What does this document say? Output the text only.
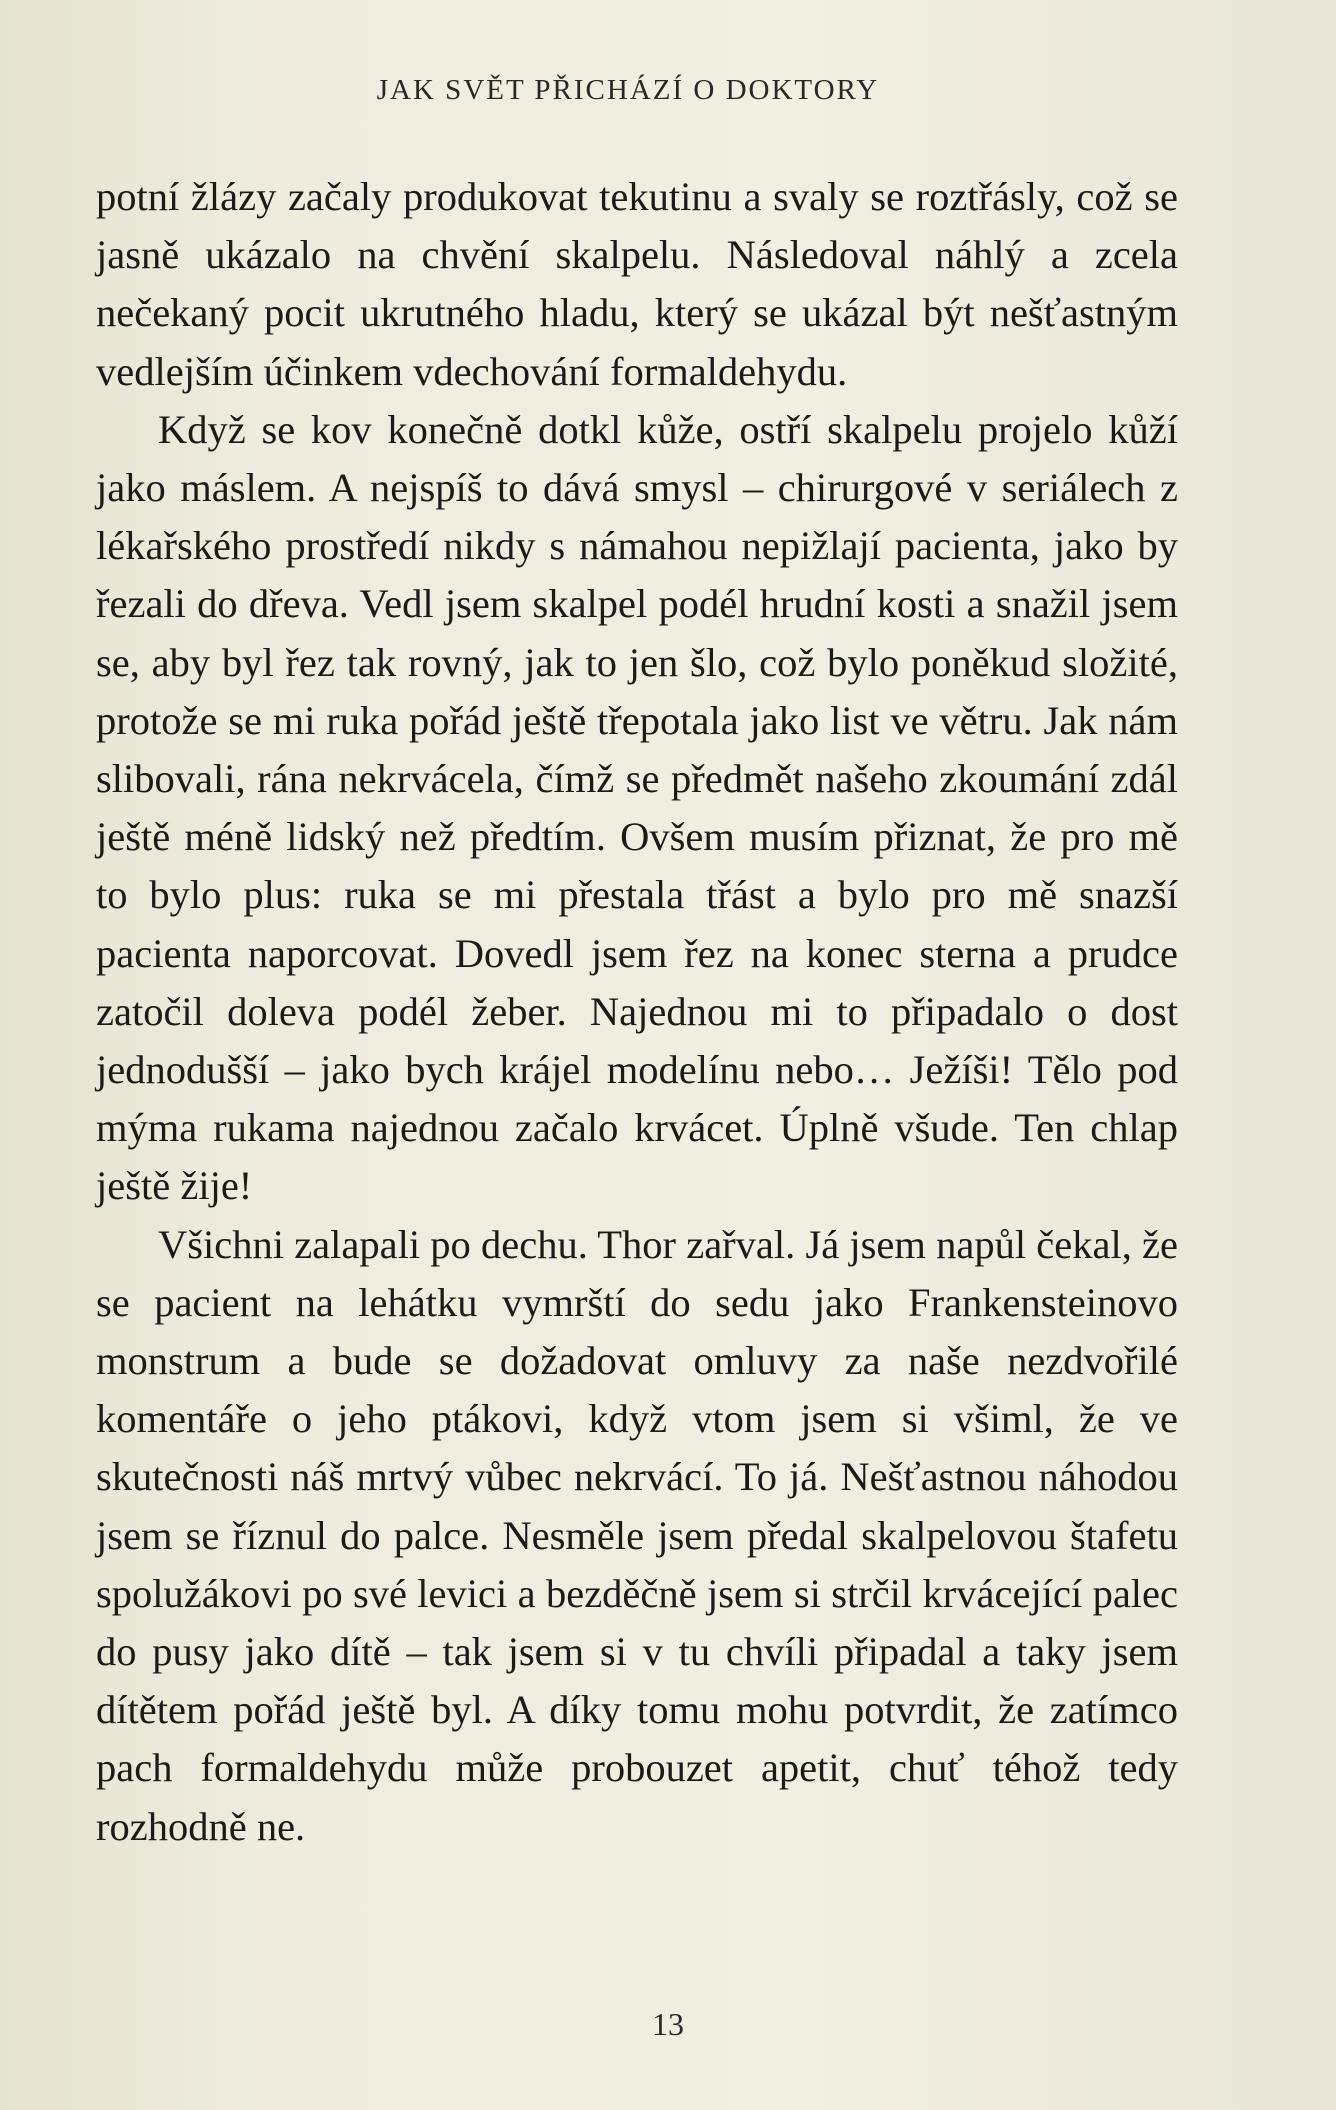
JAK SVĚT PŘICHÁZÍ O DOKTORY

potní žlázy začaly produkovat tekutinu a svaly se roztřásly, což se jasně ukázalo na chvění skalpelu. Následoval náhlý a zcela nečekaný pocit ukrutného hladu, který se ukázal být nešťastným vedlejším účinkem vdechování formaldehydu.

Když se kov konečně dotkl kůže, ostří skalpelu projelo kůží jako máslem. A nejspíš to dává smysl – chirurgové v seriálech z lékařského prostředí nikdy s námahou nepižlají pacienta, jako by řezali do dřeva. Vedl jsem skalpel podél hrudní kosti a snažil jsem se, aby byl řez tak rovný, jak to jen šlo, což bylo poněkud složité, protože se mi ruka pořád ještě třepotala jako list ve větru. Jak nám slibovali, rána nekrvácela, čímž se předmět našeho zkoumání zdál ještě méně lidský než předtím. Ovšem musím přiznat, že pro mě to bylo plus: ruka se mi přestala třást a bylo pro mě snazší pacienta naporcovat. Dovedl jsem řez na konec sterna a prudce zatočil doleva podél žeber. Najednou mi to připadalo o dost jednodušší – jako bych krájel modelínu nebo… Ježíši! Tělo pod mýma rukama najednou začalo krvácet. Úplně všude. Ten chlap ještě žije!

Všichni zalapali po dechu. Thor zařval. Já jsem napůl čekal, že se pacient na lehátku vymrští do sedu jako Frankensteinovo monstrum a bude se dožadovat omluvy za naše nezdvořilé komentáře o jeho ptákovi, když vtom jsem si všiml, že ve skutečnosti náš mrtvý vůbec nekrvácí. To já. Nešťastnou náhodou jsem se říznul do palce. Nesměle jsem předal skalpelovou štafetu spolužákovi po své levici a bezděčně jsem si strčil krvácející palec do pusy jako dítě – tak jsem si v tu chvíli připadal a taky jsem dítětem pořád ještě byl. A díky tomu mohu potvrdit, že zatímco pach formaldehydu může probouzet apetit, chuť téhož tedy rozhodně ne.

13
